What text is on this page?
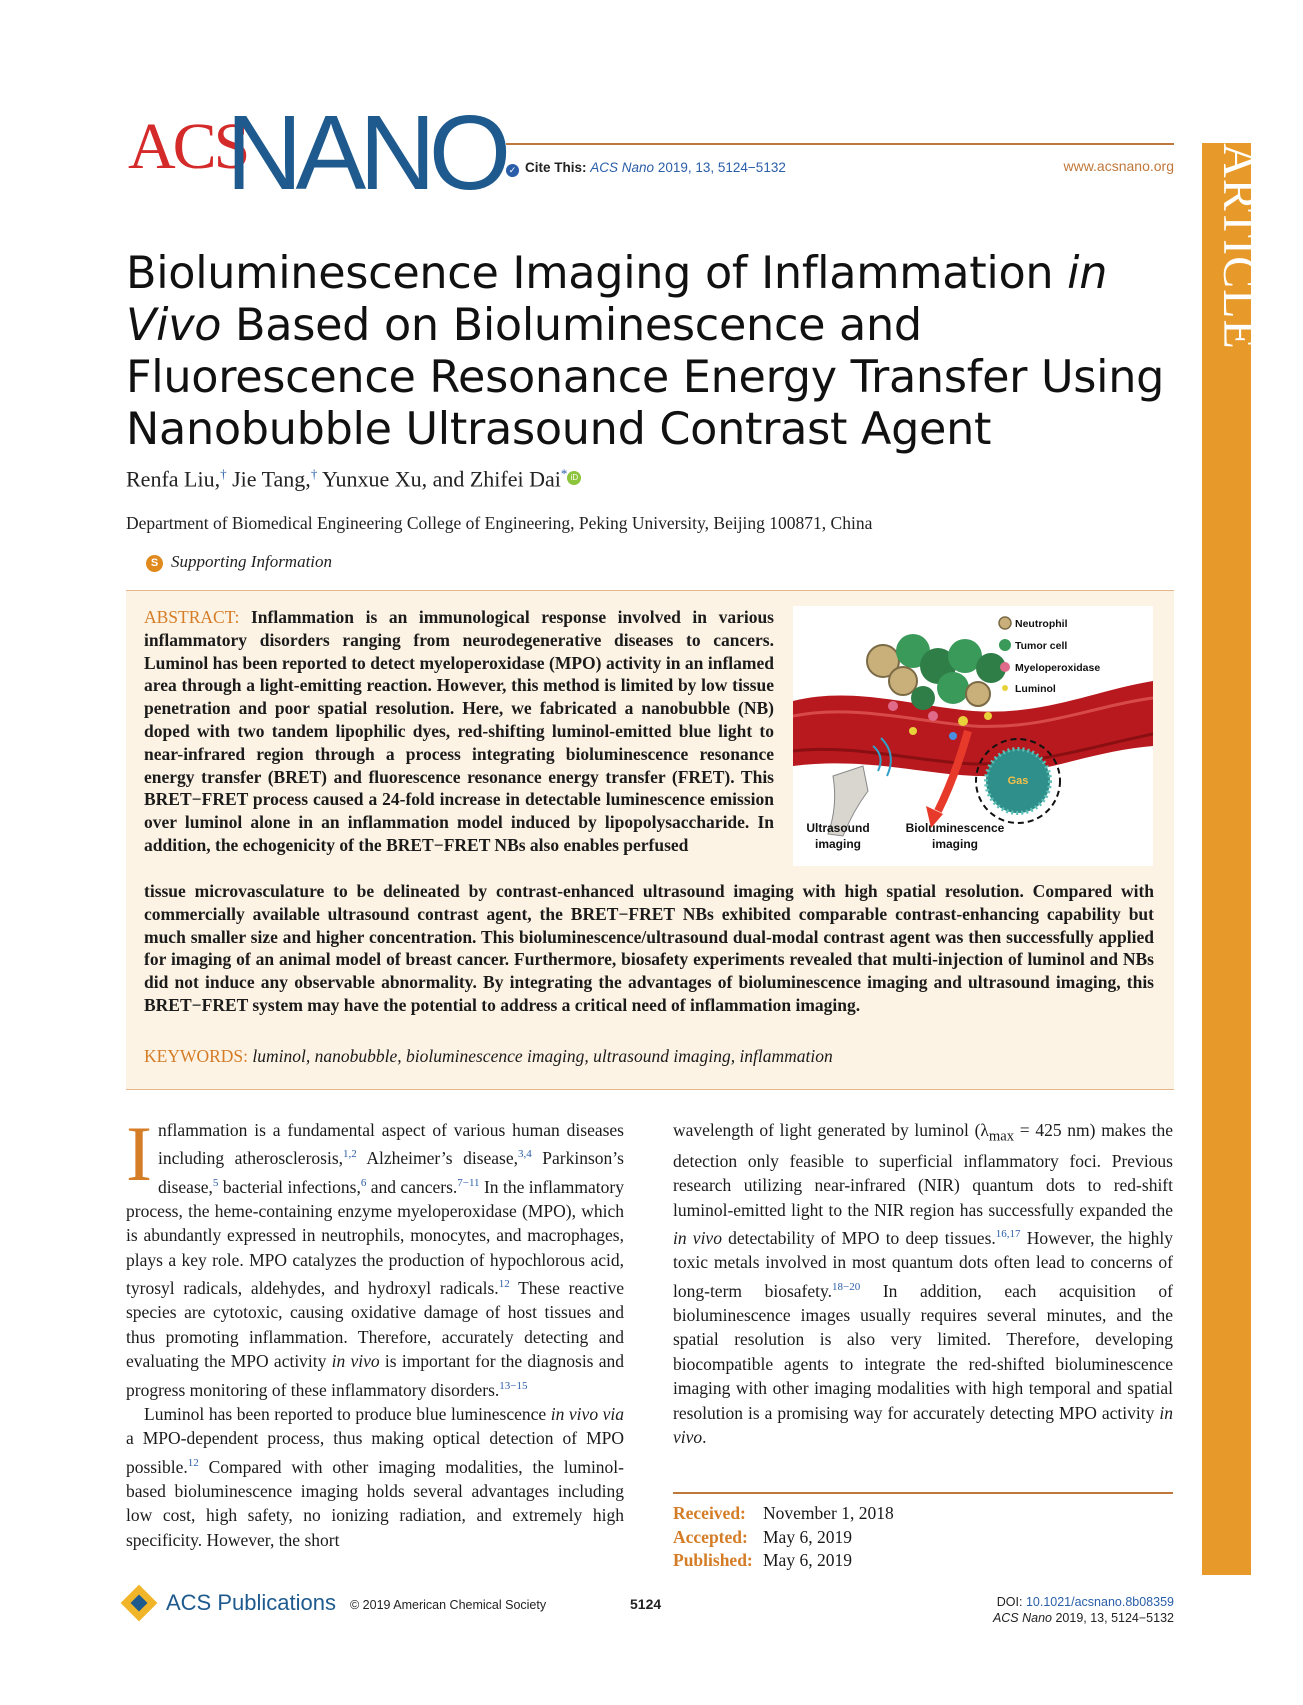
ACS
NANO ✓ Cite This: ACS Nano 2019, 13, 5124−5132	www.acsnano.org ARTICLE
Bioluminescence Imaging of Inflammation in
Vivo Based on Bioluminescence and Fluorescence Resonance Energy Transfer Using Nanobubble Ultrasound Contrast Agent
Renfa Liu,† Jie Tang,† Yunxue Xu, and Zhifei Dai* iD
Department of Biomedical Engineering College of Engineering, Peking University, Beijing 100871, China
S Supporting Information
ABSTRACT: Inflammation is an immunological response involved in various inflammatory disorders ranging from neurodegenerative diseases to cancers. Luminol has been reported to detect myeloperoxidase (MPO) activity in an inflamed area through a light-emitting reaction. However, this method is limited by low tissue penetration and poor spatial resolution. Here, we fabricated a nanobubble (NB) doped with two tandem lipophilic dyes, red-shifting luminol-emitted blue light to near-infrared region through a process integrating bioluminescence resonance energy transfer (BRET) and fluorescence resonance energy transfer (FRET). This BRET−FRET process caused a 24-fold increase in detectable luminescence emission over luminol alone in an inflammation model induced by lipopolysaccharide. In addition, the echogenicity of the BRET−FRET NBs also enables perfused
tissue microvasculature to be delineated by contrast-enhanced ultrasound imaging with high spatial resolution. Compared with commercially available ultrasound contrast agent, the BRET−FRET NBs exhibited comparable contrast-enhancing capability but much smaller size and higher concentration. This bioluminescence/ultrasound dual-modal contrast agent was then successfully applied for imaging of an animal model of breast cancer. Furthermore, biosafety experiments revealed that multi-injection of luminol and NBs did not induce any observable abnormality. By integrating the advantages of bioluminescence imaging and ultrasound imaging, this BRET−FRET system may have the potential to address a critical need of inflammation imaging.
KEYWORDS: luminol, nanobubble, bioluminescence imaging, ultrasound imaging, inflammation
Gas
Neutrophil
Tumor cell
Myeloperoxidase
Luminol
Ultrasound
imaging
Bioluminescence
imaging
Inflammation is a fundamental aspect of various human diseases including atherosclerosis,$^{1,2}$ Alzheimer’s disease,$^{3,4}$ Parkinson’s disease,$^5$ bacterial infections,$^6$ and cancers.$^{7-11}$ In the inflammatory process, the heme-containing enzyme myeloperoxidase (MPO), which is abundantly expressed in neutrophils, monocytes, and macrophages, plays a key role. MPO catalyzes the production of hypochlorous acid, tyrosyl radicals, aldehydes, and hydroxyl radicals.$^{12}$ These reactive species are cytotoxic, causing oxidative damage of host tissues and thus promoting inflammation. Therefore, accurately detecting and evaluating the MPO activity in vivo is important for the diagnosis and progress monitoring of these inflammatory disorders.$^{13-15}$
Luminol has been reported to produce blue luminescence in vivo via a MPO-dependent process, thus making optical detection of MPO possible.$^{12}$ Compared with other imaging modalities, the luminol-based bioluminescence imaging holds several advantages including low cost, high safety, no ionizing radiation, and extremely high specificity. However, the short
wavelength of light generated by luminol ($\lambda_{max} = 425$ nm) makes the detection only feasible to superficial inflammatory foci. Previous research utilizing near-infrared (NIR) quantum dots to red-shift luminol-emitted light to the NIR region has successfully expanded the in vivo detectability of MPO to deep tissues.$^{16,17}$ However, the highly toxic metals involved in most quantum dots often lead to concerns of long-term biosafety.$^{18-20}$ In addition, each acquisition of bioluminescence images usually requires several minutes, and the spatial resolution is also very limited. Therefore, developing biocompatible agents to integrate the red-shifted bioluminescence imaging with other imaging modalities with high temporal and spatial resolution is a promising way for accurately detecting MPO activity in vivo.
Received: November 1, 2018
Accepted: May 6, 2019
Published: May 6, 2019
ACS Publications © 2019 American Chemical Society	5124	DOI: 10.1021/acsnano.8b08359
ACS Nano 2019, 13, 5124−5132
